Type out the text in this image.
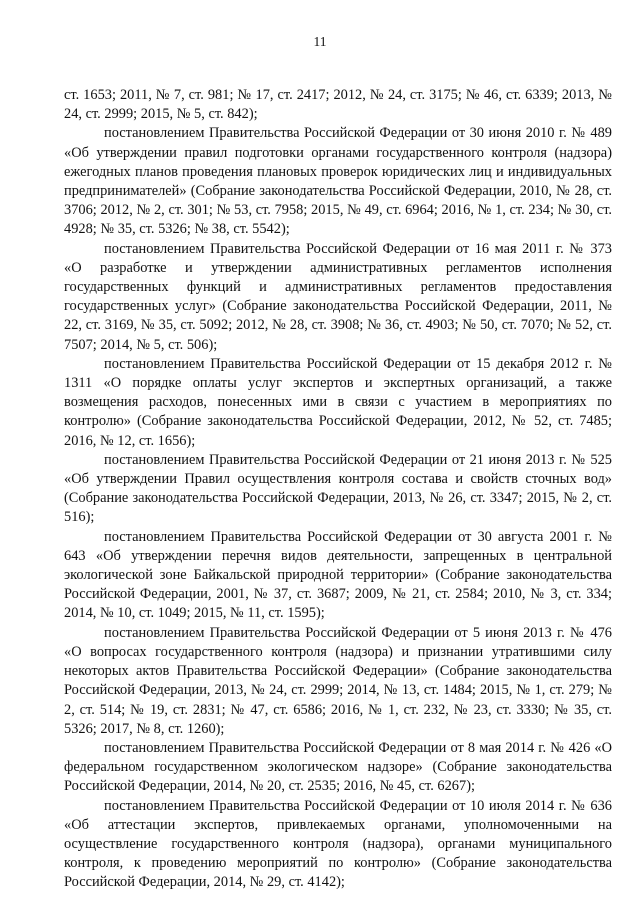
11

ст. 1653; 2011, № 7, ст. 981; № 17, ст. 2417; 2012, № 24, ст. 3175; № 46, ст. 6339; 2013, № 24, ст. 2999; 2015, № 5, ст. 842);

постановлением Правительства Российской Федерации от 30 июня 2010 г. № 489 «Об утверждении правил подготовки органами государственного контроля (надзора) ежегодных планов проведения плановых проверок юридических лиц и индивидуальных предпринимателей» (Собрание законодательства Российской Федерации, 2010, № 28, ст. 3706; 2012, № 2, ст. 301; № 53, ст. 7958; 2015, № 49, ст. 6964; 2016, № 1, ст. 234; № 30, ст. 4928; № 35, ст. 5326; № 38, ст. 5542);

постановлением Правительства Российской Федерации от 16 мая 2011 г. № 373 «О разработке и утверждении административных регламентов исполнения государственных функций и административных регламентов предоставления государственных услуг» (Собрание законодательства Российской Федерации, 2011, № 22, ст. 3169, № 35, ст. 5092; 2012, № 28, ст. 3908; № 36, ст. 4903; № 50, ст. 7070; № 52, ст. 7507; 2014, № 5, ст. 506);

постановлением Правительства Российской Федерации от 15 декабря 2012 г. № 1311 «О порядке оплаты услуг экспертов и экспертных организаций, а также возмещения расходов, понесенных ими в связи с участием в мероприятиях по контролю» (Собрание законодательства Российской Федерации, 2012, № 52, ст. 7485; 2016, № 12, ст. 1656);

постановлением Правительства Российской Федерации от 21 июня 2013 г. № 525 «Об утверждении Правил осуществления контроля состава и свойств сточных вод» (Собрание законодательства Российской Федерации, 2013, № 26, ст. 3347; 2015, № 2, ст. 516);

постановлением Правительства Российской Федерации от 30 августа 2001 г. № 643 «Об утверждении перечня видов деятельности, запрещенных в центральной экологической зоне Байкальской природной территории» (Собрание законодательства Российской Федерации, 2001, № 37, ст. 3687; 2009, № 21, ст. 2584; 2010, № 3, ст. 334; 2014, № 10, ст. 1049; 2015, № 11, ст. 1595);

постановлением Правительства Российской Федерации от 5 июня 2013 г. № 476 «О вопросах государственного контроля (надзора) и признании утратившими силу некоторых актов Правительства Российской Федерации» (Собрание законодательства Российской Федерации, 2013, № 24, ст. 2999; 2014, № 13, ст. 1484; 2015, № 1, ст. 279; № 2, ст. 514; № 19, ст. 2831; № 47, ст. 6586; 2016, № 1, ст. 232, № 23, ст. 3330; № 35, ст. 5326; 2017, № 8, ст. 1260);

постановлением Правительства Российской Федерации от 8 мая 2014 г. № 426 «О федеральном государственном экологическом надзоре» (Собрание законодательства Российской Федерации, 2014, № 20, ст. 2535; 2016, № 45, ст. 6267);

постановлением Правительства Российской Федерации от 10 июля 2014 г. № 636 «Об аттестации экспертов, привлекаемых органами, уполномоченными на осуществление государственного контроля (надзора), органами муниципального контроля, к проведению мероприятий по контролю» (Собрание законодательства Российской Федерации, 2014, № 29, ст. 4142);
